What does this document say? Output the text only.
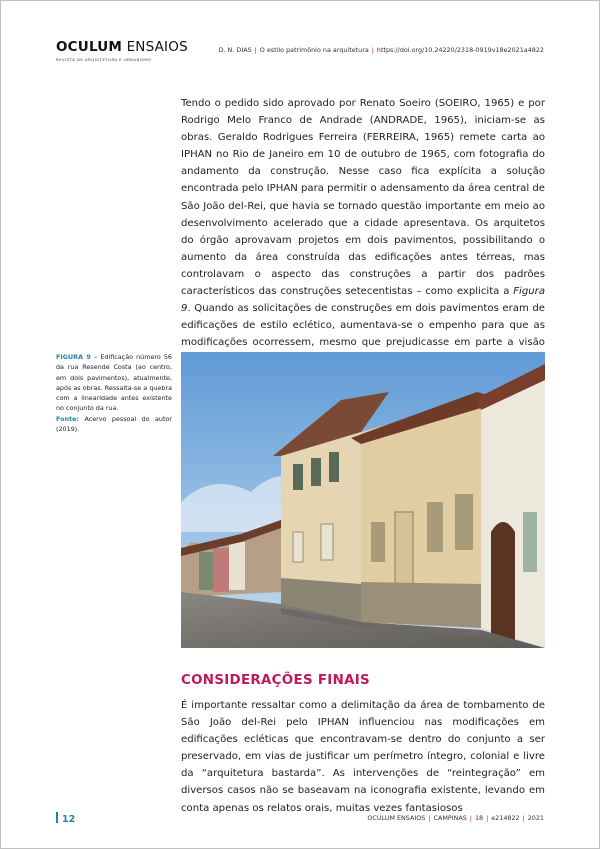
OCULUM ENSAIOS
REVISTA DE ARQUITETURA E URBANISMO
D. N. DIAS | O estilo patrimônio na arquitetura | https://doi.org/10.24220/2318-0919v18e2021a4822

Tendo o pedido sido aprovado por Renato Soeiro (SOEIRO, 1965) e por Rodrigo Melo Franco de Andrade (ANDRADE, 1965), iniciam-se as obras. Geraldo Rodrigues Ferreira (FERREIRA, 1965) remete carta ao IPHAN no Rio de Janeiro em 10 de outubro de 1965, com fotografia do andamento da construção. Nesse caso fica explícita a solução encontrada pelo IPHAN para permitir o adensamento da área central de São João del-Rei, que havia se tornado questão importante em meio ao desenvolvimento acelerado que a cidade apresentava. Os arquitetos do órgão aprovavam projetos em dois pavimentos, possibilitando o aumento da área construída das edificações antes térreas, mas controlavam o aspecto das construções a partir dos padrões característicos das construções setecentistas – como explicita a Figura 9. Quando as solicitações de construções em dois pavimentos eram de edificações de estilo eclético, aumentava-se o empenho para que as modificações ocorressem, mesmo que prejudicasse em parte a visão

FIGURA 9 – Edificação número 56 da rua Resende Costa (ao centro, em dois pavimentos), atualmente, após as obras. Ressalta-se a quebra com a linearidade antes existente no conjunto da rua.
Fonte: Acervo pessoal do autor (2019).
CONSIDERAÇÕES FINAIS

É importante ressaltar como a delimitação da área de tombamento de São João del-Rei pelo IPHAN influenciou nas modificações em edificações ecléticas que encontravam-se dentro do conjunto a ser preservado, em vias de justificar um perímetro íntegro, colonial e livre da “arquitetura bastarda”. As intervenções de “reintegração” em diversos casos não se baseavam na iconografia existente, levando em conta apenas os relatos orais, muitas vezes fantasiosos

12	OCULUM ENSAIOS | CAMPINAS | 18 | e214822 | 2021
